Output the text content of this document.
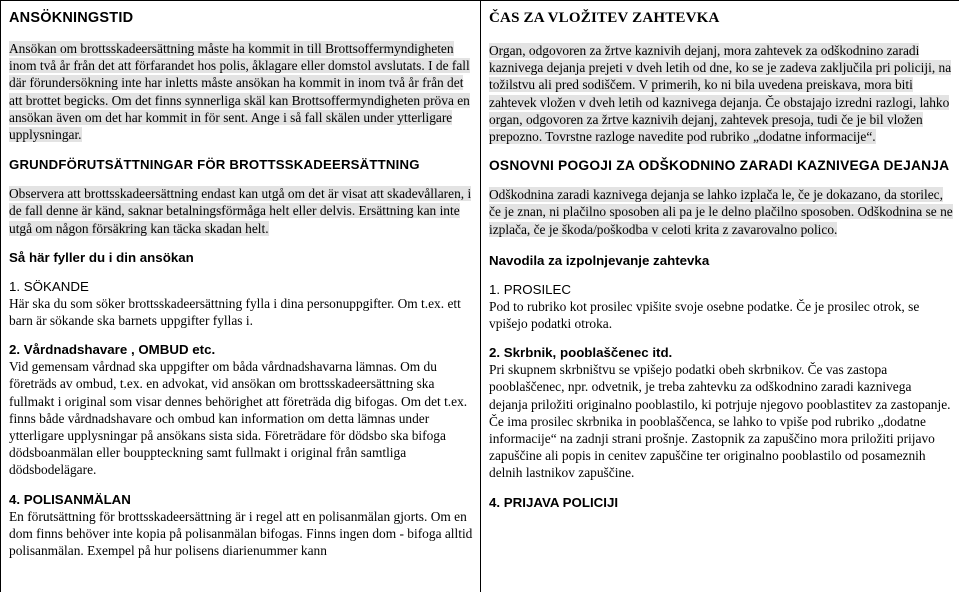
ANSÖKNINGSTID
Ansökan om brottsskadeersättning måste ha kommit in till Brottsoffermyndigheten inom två år från det att förfarandet hos polis, åklagare eller domstol avslutats. I de fall där förundersökning inte har inletts måste ansökan ha kommit in inom två år från det att brottet begicks. Om det finns synnerliga skäl kan Brottsoffermyndigheten pröva en ansökan även om det har kommit in för sent. Ange i så fall skälen under ytterligare upplysningar.
GRUNDFÖRUTSÄTTNINGAR FÖR BROTTSSKADEERSÄTTNING
Observera att brottsskadeersättning endast kan utgå om det är visat att skadevållaren, i de fall denne är känd, saknar betalningsförmåga helt eller delvis. Ersättning kan inte utgå om någon försäkring kan täcka skadan helt.
Så här fyller du i din ansökan
1. SÖKANDE
Här ska du som söker brottsskadeersättning fylla i dina personuppgifter. Om t.ex. ett barn är sökande ska barnets uppgifter fyllas i.
2. Vårdnadshavare , OMBUD etc.
Vid gemensam vårdnad ska uppgifter om båda vårdnadshavarna lämnas. Om du företräds av ombud, t.ex. en advokat, vid ansökan om brottsskadeersättning ska fullmakt i original som visar dennes behörighet att företräda dig bifogas. Om det t.ex. finns både vårdnadshavare och ombud kan information om detta lämnas under ytterligare upplysningar på ansökans sista sida. Företrädare för dödsbo ska bifoga dödsboanmälan eller bouppteckning samt fullmakt i original från samtliga dödsbodelägare.
4. POLISANMÄLAN
En förutsättning för brottsskadeersättning är i regel att en polisanmälan gjorts. Om en dom finns behöver inte kopia på polisanmälan bifogas. Finns ingen dom - bifoga alltid polisanmälan. Exempel på hur polisens diarienummer kann
ČAS ZA VLOŽITEV ZAHTEVKA
Organ, odgovoren za žrtve kaznivih dejanj, mora zahtevek za odškodnino zaradi kaznivega dejanja prejeti v dveh letih od dne, ko se je zadeva zaključila pri policiji, na tožilstvu ali pred sodiščem. V primerih, ko ni bila uvedena preiskava, mora biti zahtevek vložen v dveh letih od kaznivega dejanja. Če obstajajo izredni razlogi, lahko organ, odgovoren za žrtve kaznivih dejanj, zahtevek presoja, tudi če je bil vložen prepozno. Tovrstne razloge navedite pod rubriko „dodatne informacije“.
OSNOVNI POGOJI ZA ODŠKODNINO ZARADI KAZNIVEGA DEJANJA
Odškodnina zaradi kaznivega dejanja se lahko izplača le, če je dokazano, da storilec, če je znan, ni plačilno sposoben ali pa je le delno plačilno sposoben. Odškodnina se ne izplača, če je škoda/poškodba v celoti krita z zavarovalno polico.
Navodila za izpolnjevanje zahtevka
1. PROSILEC
Pod to rubriko kot prosilec vpišite svoje osebne podatke. Če je prosilec otrok, se vpišejo podatki otroka.
2. Skrbnik, pooblaščenec itd.
Pri skupnem skrbništvu se vpišejo podatki obeh skrbnikov. Če vas zastopa pooblaščenec, npr. odvetnik, je treba zahtevku za odškodnino zaradi kaznivega dejanja priložiti originalno pooblastilo, ki potrjuje njegovo pooblastitev za zastopanje. Če ima prosilec skrbnika in pooblaščenca, se lahko to vpiše pod rubriko „dodatne informacije“ na zadnji strani prošnje. Zastopnik za zapuščino mora priložiti prijavo zapuščine ali popis in cenitev zapuščine ter originalno pooblastilo od posameznih delnih lastnikov zapuščine.
4. PRIJAVA POLICIJI
